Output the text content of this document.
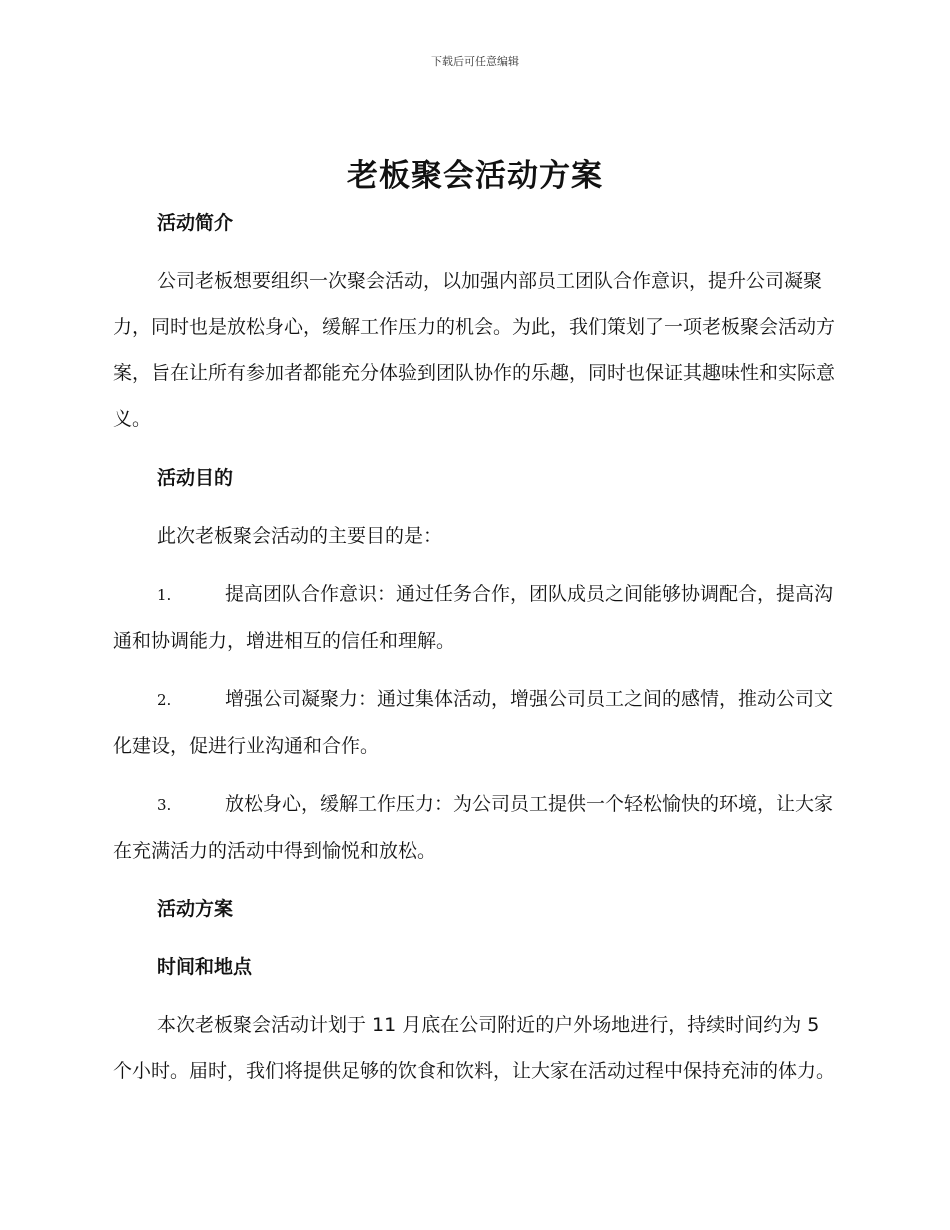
下载后可任意编辑
老板聚会活动方案
活动简介

公司老板想要组织一次聚会活动，以加强内部员工团队合作意识，提升公司凝聚力，同时也是放松身心，缓解工作压力的机会。为此，我们策划了一项老板聚会活动方案，旨在让所有参加者都能充分体验到团队协作的乐趣，同时也保证其趣味性和实际意义。

活动目的

此次老板聚会活动的主要目的是：

1.	提高团队合作意识：通过任务合作，团队成员之间能够协调配合，提高沟通和协调能力，增进相互的信任和理解。

2.	增强公司凝聚力：通过集体活动，增强公司员工之间的感情，推动公司文化建设，促进行业沟通和合作。

3.	放松身心，缓解工作压力：为公司员工提供一个轻松愉快的环境，让大家在充满活力的活动中得到愉悦和放松。

活动方案
时间和地点

本次老板聚会活动计划于 11 月底在公司附近的户外场地进行，持续时间约为 5 个小时。届时，我们将提供足够的饮食和饮料，让大家在活动过程中保持充沛的体力。
